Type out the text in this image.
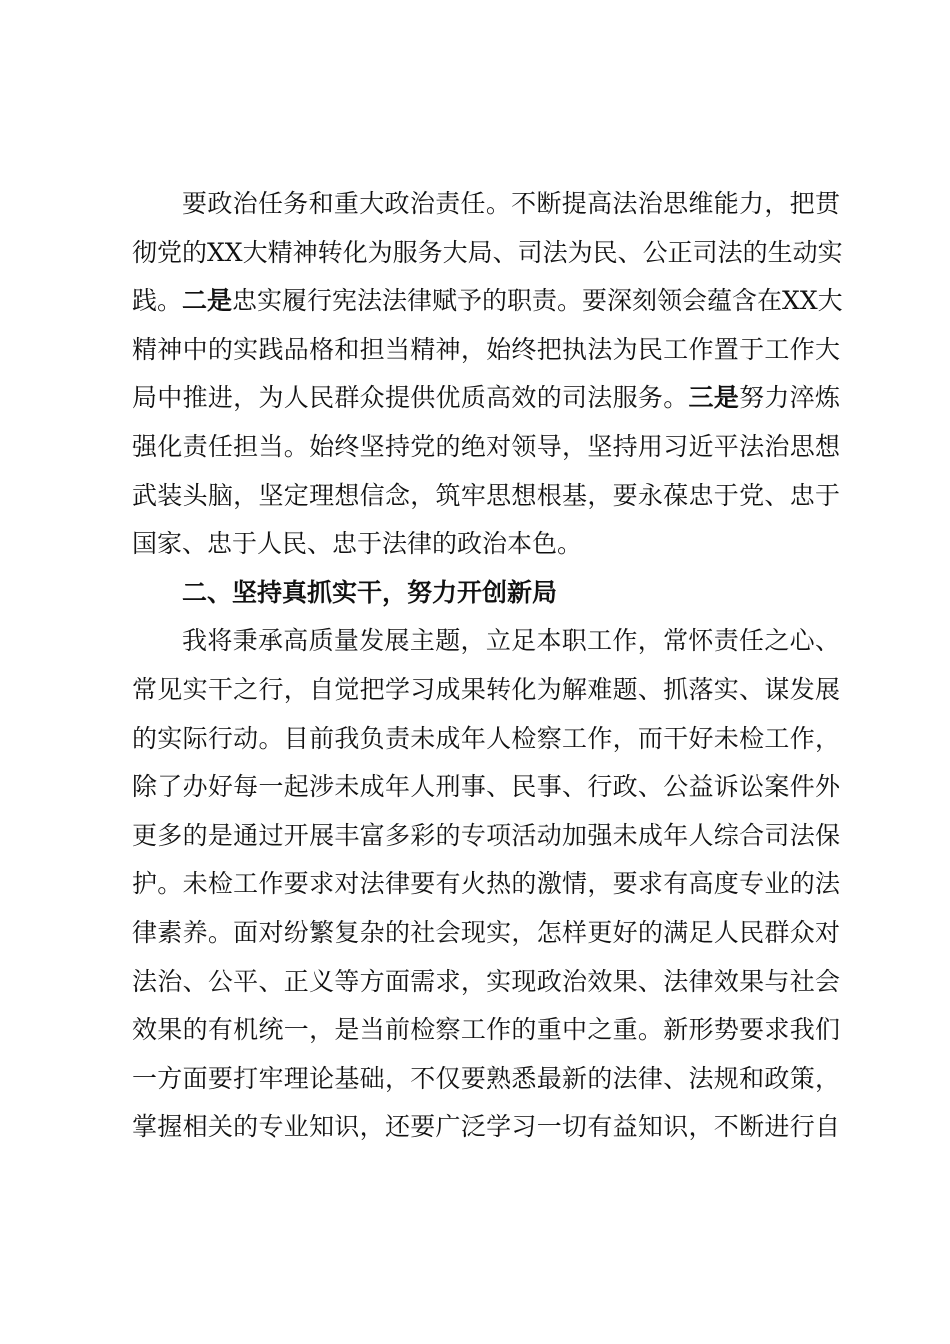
要政治任务和重大政治责任。不断提高法治思维能力，把贯
彻党的XX大精神转化为服务大局、司法为民、公正司法的生动实
践。二是忠实履行宪法法律赋予的职责。要深刻领会蕴含在XX大
精神中的实践品格和担当精神，始终把执法为民工作置于工作大
局中推进，为人民群众提供优质高效的司法服务。三是努力淬炼
强化责任担当。始终坚持党的绝对领导，坚持用习近平法治思想
武装头脑，坚定理想信念，筑牢思想根基，要永葆忠于党、忠于
国家、忠于人民、忠于法律的政治本色。
二、坚持真抓实干，努力开创新局
我将秉承高质量发展主题，立足本职工作，常怀责任之心、
常见实干之行，自觉把学习成果转化为解难题、抓落实、谋发展
的实际行动。目前我负责未成年人检察工作，而干好未检工作，
除了办好每一起涉未成年人刑事、民事、行政、公益诉讼案件外
更多的是通过开展丰富多彩的专项活动加强未成年人综合司法保
护。未检工作要求对法律要有火热的激情，要求有高度专业的法
律素养。面对纷繁复杂的社会现实，怎样更好的满足人民群众对
法治、公平、正义等方面需求，实现政治效果、法律效果与社会
效果的有机统一，是当前检察工作的重中之重。新形势要求我们
一方面要打牢理论基础，不仅要熟悉最新的法律、法规和政策，
掌握相关的专业知识，还要广泛学习一切有益知识，不断进行自
